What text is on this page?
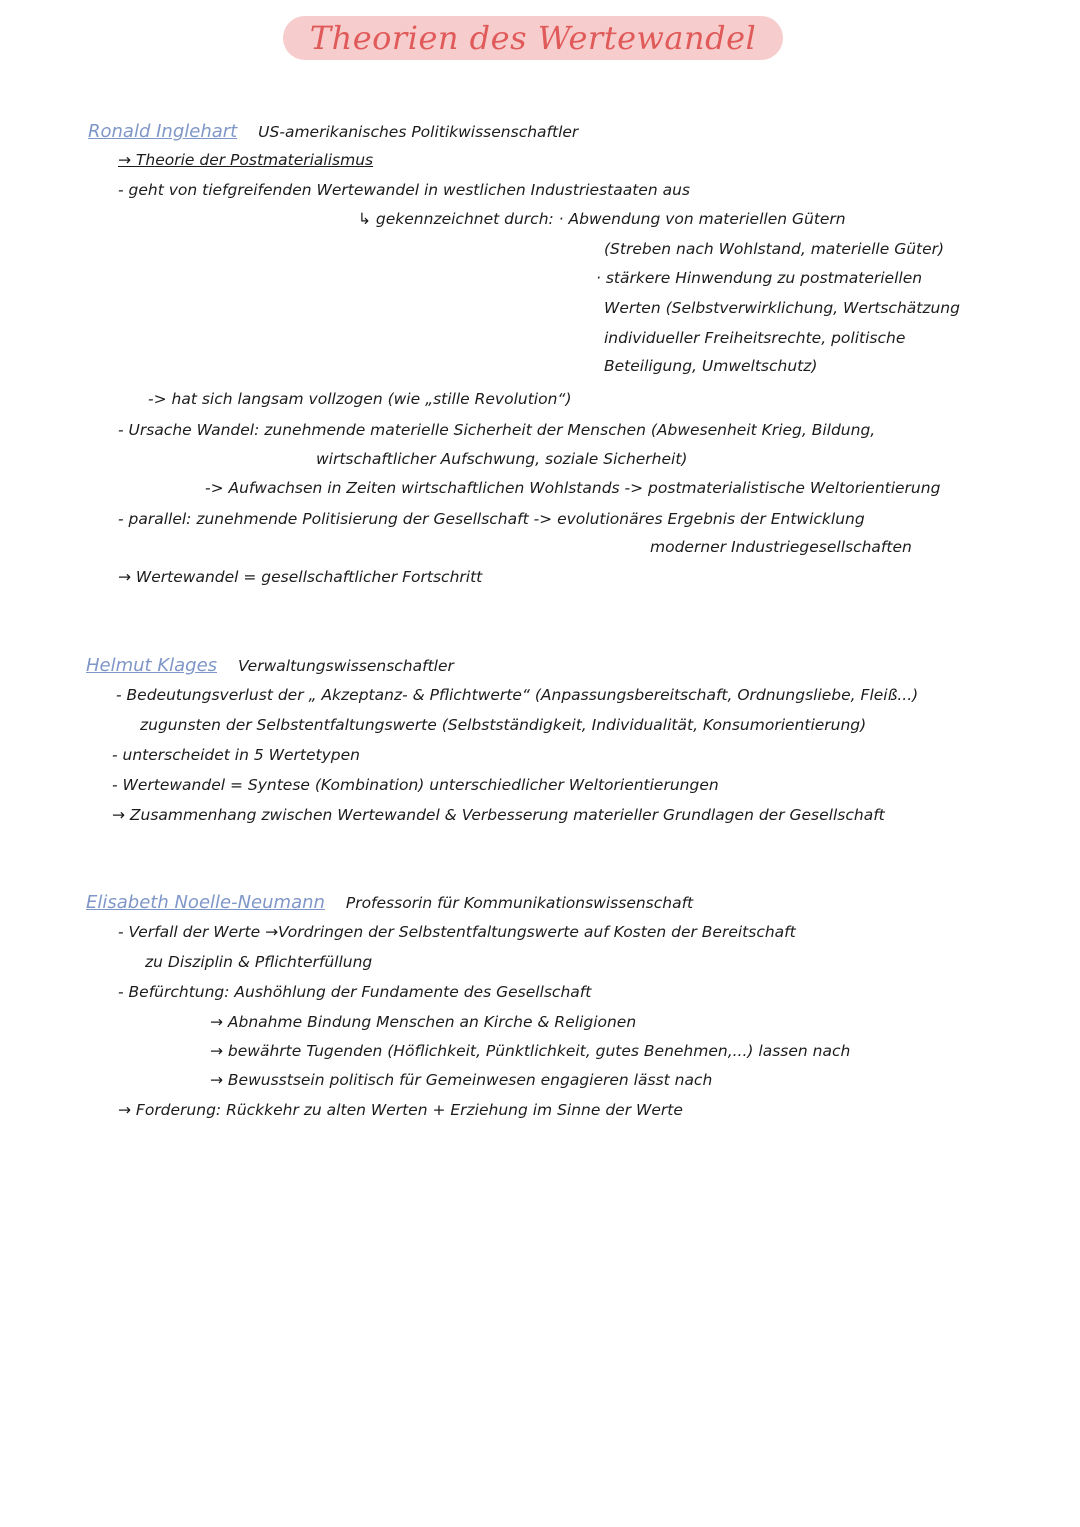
Theorien des Wertewandel
Ronald Inglehart US-amerikanisches Politikwissenschaftler
→ Theorie der Postmaterialismus
- geht von tiefgreifenden Wertewandel in westlichen Industriestaaten aus
↳ gekennzeichnet durch: · Abwendung von materiellen Gütern
(Streben nach Wohlstand, materielle Güter)
· stärkere Hinwendung zu postmateriellen
Werten (Selbstverwirklichung, Wertschätzung
individueller Freiheitsrechte, politische
Beteiligung, Umweltschutz)
-> hat sich langsam vollzogen (wie „stille Revolution“)
- Ursache Wandel: zunehmende materielle Sicherheit der Menschen (Abwesenheit Krieg, Bildung,
wirtschaftlicher Aufschwung, soziale Sicherheit)
-> Aufwachsen in Zeiten wirtschaftlichen Wohlstands -> postmaterialistische Weltorientierung
- parallel: zunehmende Politisierung der Gesellschaft -> evolutionäres Ergebnis der Entwicklung
moderner Industriegesellschaften
→ Wertewandel = gesellschaftlicher Fortschritt
Helmut Klages Verwaltungswissenschaftler
- Bedeutungsverlust der „ Akzeptanz- & Pflichtwerte“ (Anpassungsbereitschaft, Ordnungsliebe, Fleiß...)
zugunsten der Selbstentfaltungswerte (Selbstständigkeit, Individualität, Konsumorientierung)
- unterscheidet in 5 Wertetypen
- Wertewandel = Syntese (Kombination) unterschiedlicher Weltorientierungen
→ Zusammenhang zwischen Wertewandel & Verbesserung materieller Grundlagen der Gesellschaft
Elisabeth Noelle-Neumann Professorin für Kommunikationswissenschaft
- Verfall der Werte →Vordringen der Selbstentfaltungswerte auf Kosten der Bereitschaft
zu Disziplin & Pflichterfüllung
- Befürchtung: Aushöhlung der Fundamente des Gesellschaft
→ Abnahme Bindung Menschen an Kirche & Religionen
→ bewährte Tugenden (Höflichkeit, Pünktlichkeit, gutes Benehmen,...) lassen nach
→ Bewusstsein politisch für Gemeinwesen engagieren lässt nach
→ Forderung: Rückkehr zu alten Werten + Erziehung im Sinne der Werte
